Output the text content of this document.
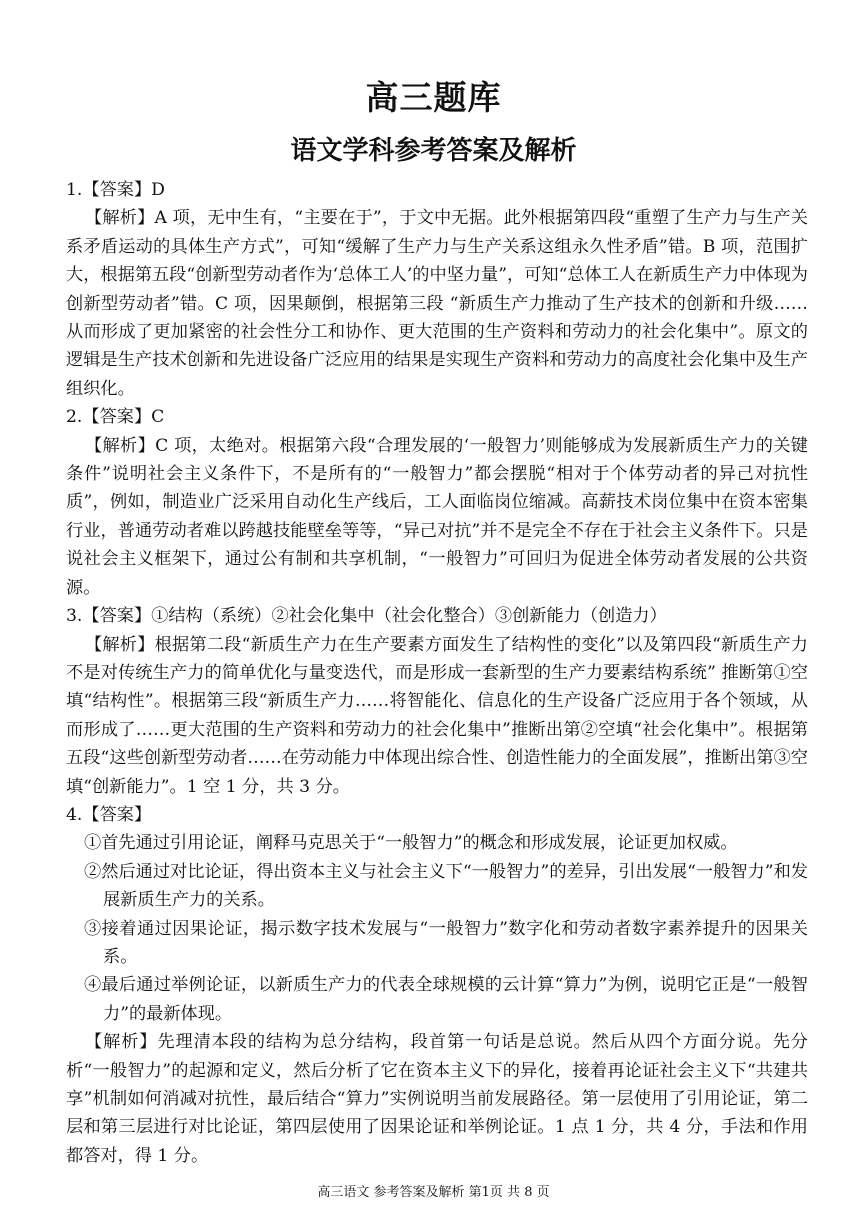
高三题库
语文学科参考答案及解析
1.【答案】D
【解析】A 项，无中生有，“主要在于”，于文中无据。此外根据第四段“重塑了生产力与生产关系矛盾运动的具体生产方式”，可知“缓解了生产力与生产关系这组永久性矛盾”错。B 项，范围扩大，根据第五段“创新型劳动者作为‘总体工人’的中坚力量”，可知“总体工人在新质生产力中体现为创新型劳动者”错。C 项，因果颠倒，根据第三段 “新质生产力推动了生产技术的创新和升级……从而形成了更加紧密的社会性分工和协作、更大范围的生产资料和劳动力的社会化集中”。原文的逻辑是生产技术创新和先进设备广泛应用的结果是实现生产资料和劳动力的高度社会化集中及生产组织化。
2.【答案】C
【解析】C 项，太绝对。根据第六段“合理发展的‘一般智力’则能够成为发展新质生产力的关键条件”说明社会主义条件下，不是所有的“一般智力”都会摆脱“相对于个体劳动者的异己对抗性质”，例如，制造业广泛采用自动化生产线后，工人面临岗位缩减。高薪技术岗位集中在资本密集行业，普通劳动者难以跨越技能壁垒等等，“异己对抗”并不是完全不存在于社会主义条件下。只是说社会主义框架下，通过公有制和共享机制，“一般智力”可回归为促进全体劳动者发展的公共资源。
3.【答案】①结构（系统）②社会化集中（社会化整合）③创新能力（创造力）
【解析】根据第二段“新质生产力在生产要素方面发生了结构性的变化”以及第四段“新质生产力不是对传统生产力的简单优化与量变迭代，而是形成一套新型的生产力要素结构系统” 推断第①空填“结构性”。根据第三段“新质生产力……将智能化、信息化的生产设备广泛应用于各个领域，从而形成了……更大范围的生产资料和劳动力的社会化集中”推断出第②空填“社会化集中”。根据第五段“这些创新型劳动者……在劳动能力中体现出综合性、创造性能力的全面发展”，推断出第③空填“创新能力”。1 空 1 分，共 3 分。
4.【答案】
①首先通过引用论证，阐释马克思关于“一般智力”的概念和形成发展，论证更加权威。
②然后通过对比论证，得出资本主义与社会主义下“一般智力”的差异，引出发展“一般智力”和发展新质生产力的关系。
③接着通过因果论证，揭示数字技术发展与“一般智力”数字化和劳动者数字素养提升的因果关系。
④最后通过举例论证，以新质生产力的代表全球规模的云计算“算力”为例，说明它正是“一般智力”的最新体现。
【解析】先理清本段的结构为总分结构，段首第一句话是总说。然后从四个方面分说。先分析“一般智力”的起源和定义，然后分析了它在资本主义下的异化，接着再论证社会主义下“共建共享”机制如何消减对抗性，最后结合“算力”实例说明当前发展路径。第一层使用了引用论证，第二层和第三层进行对比论证，第四层使用了因果论证和举例论证。1 点 1 分，共 4 分，手法和作用都答对，得 1 分。
高三语文 参考答案及解析 第1页 共 8 页
